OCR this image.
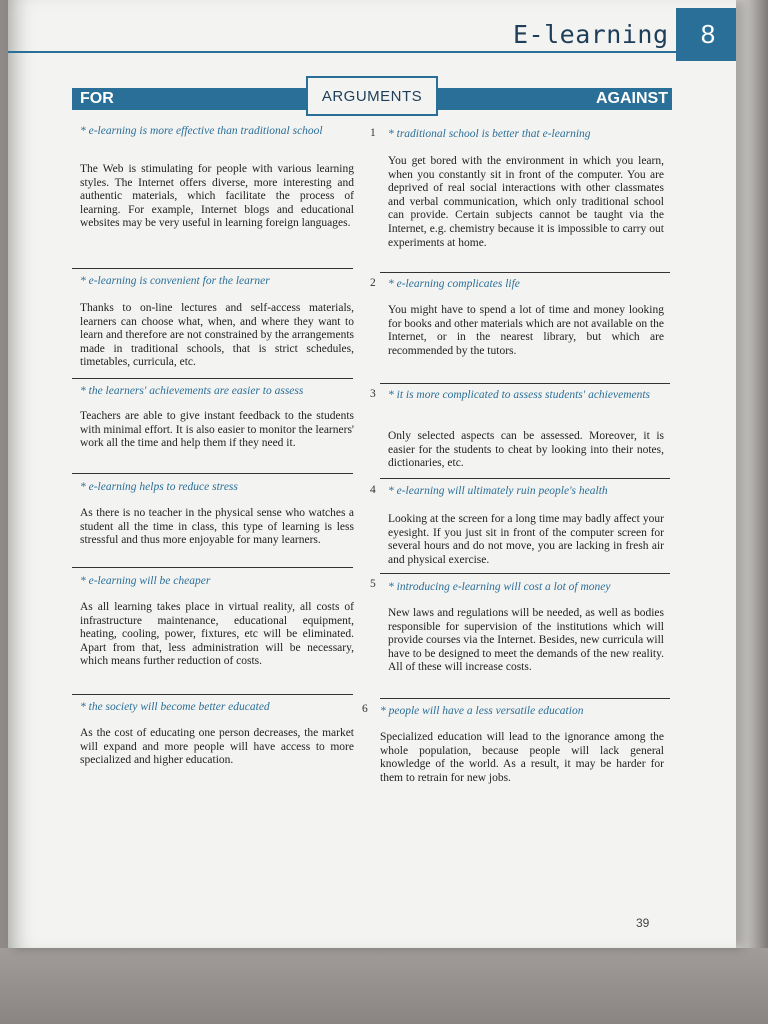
E-learning	8
FOR	AGAINST
ARGUMENTS
* e-learning is more effective than traditional school
The Web is stimulating for people with various learning styles. The Internet offers diverse, more interesting and authentic materials, which facilitate the process of learning. For example, Internet blogs and educational websites may be very useful in learning foreign languages.
1 * traditional school is better that e-learning
You get bored with the environment in which you learn, when you constantly sit in front of the computer. You are deprived of real social interactions with other classmates and verbal communication, which only traditional school can provide. Certain subjects cannot be taught via the Internet, e.g. chemistry because it is impossible to carry out experiments at home.
* e-learning is convenient for the learner
Thanks to on-line lectures and self-access materials, learners can choose what, when, and where they want to learn and therefore are not constrained by the arrangements made in traditional schools, that is strict schedules, timetables, curricula, etc.
2 * e-learning complicates life
You might have to spend a lot of time and money looking for books and other materials which are not available on the Internet, or in the nearest library, but which are recommended by the tutors.
* the learners' achievements are easier to assess
Teachers are able to give instant feedback to the students with minimal effort. It is also easier to monitor the learners' work all the time and help them if they need it.
3 * it is more complicated to assess students' achievements
Only selected aspects can be assessed. Moreover, it is easier for the students to cheat by looking into their notes, dictionaries, etc.
* e-learning helps to reduce stress
As there is no teacher in the physical sense who watches a student all the time in class, this type of learning is less stressful and thus more enjoyable for many learners.
4 * e-learning will ultimately ruin people's health
Looking at the screen for a long time may badly affect your eyesight. If you just sit in front of the computer screen for several hours and do not move, you are lacking in fresh air and physical exercise.
* e-learning will be cheaper
As all learning takes place in virtual reality, all costs of infrastructure maintenance, educational equipment, heating, cooling, power, fixtures, etc will be eliminated. Apart from that, less administration will be necessary, which means further reduction of costs.
5 * introducing e-learning will cost a lot of money
New laws and regulations will be needed, as well as bodies responsible for supervision of the institutions which will provide courses via the Internet. Besides, new curricula will have to be designed to meet the demands of the new reality. All of these will increase costs.
* the society will become better educated
As the cost of educating one person decreases, the market will expand and more people will have access to more specialized and higher education.
6 * people will have a less versatile education
Specialized education will lead to the ignorance among the whole population, because people will lack general knowledge of the world. As a result, it may be harder for them to retrain for new jobs.
39
